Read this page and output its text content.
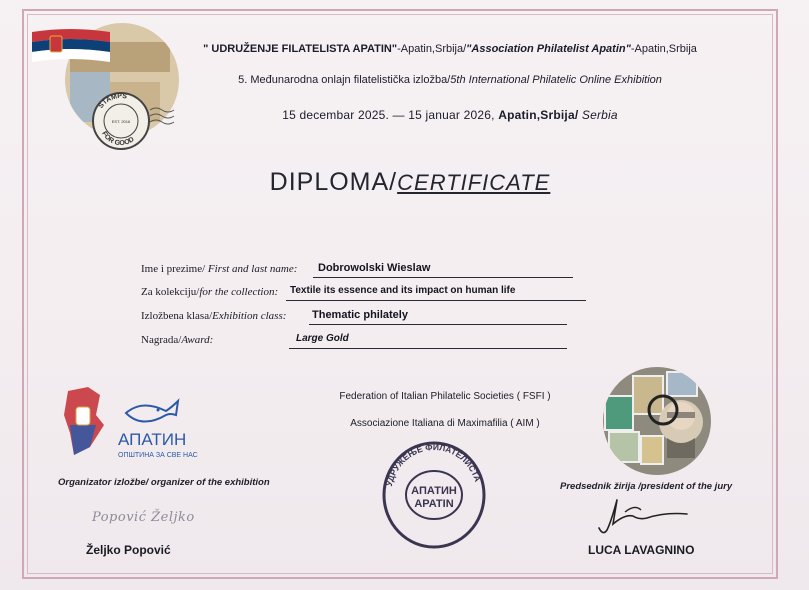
STAMPS
FOR GOOD
EST. 2016
" UDRUŽENJE FILATELISTA APATIN"-Apatin,Srbija/"Association Philatelist Apatin"-Apatin,Srbija
5. Međunarodna onlajn filatelistička izložba/5th International Philatelic Online Exhibition
15 decembar 2025. — 15 januar 2026, Apatin,Srbija/ Serbia
DIPLOMA/CERTIFICATE
Ime i prezime/ First and last name: Dobrowolski Wieslaw
Za kolekciju/for the collection: Textile its essence and its impact on human life
Izložbena klasa/Exhibition class: Thematic philately
Nagrada/Award:	Large Gold
АПАТИН
ОПШТИНА ЗА СВЕ НАС
Federation of Italian Philatelic Societies ( FSFI )
Associazione Italiana di Maximafilia ( AIM )
УДРУЖЕЊЕ ФИЛАТЕЛИСТА
АПАТИН
APATIN
Organizator izložbe/ organizer of the exhibition	Predsednik žirija /president of the jury
Popović Željko
Željko Popović	LUCA LAVAGNINO
